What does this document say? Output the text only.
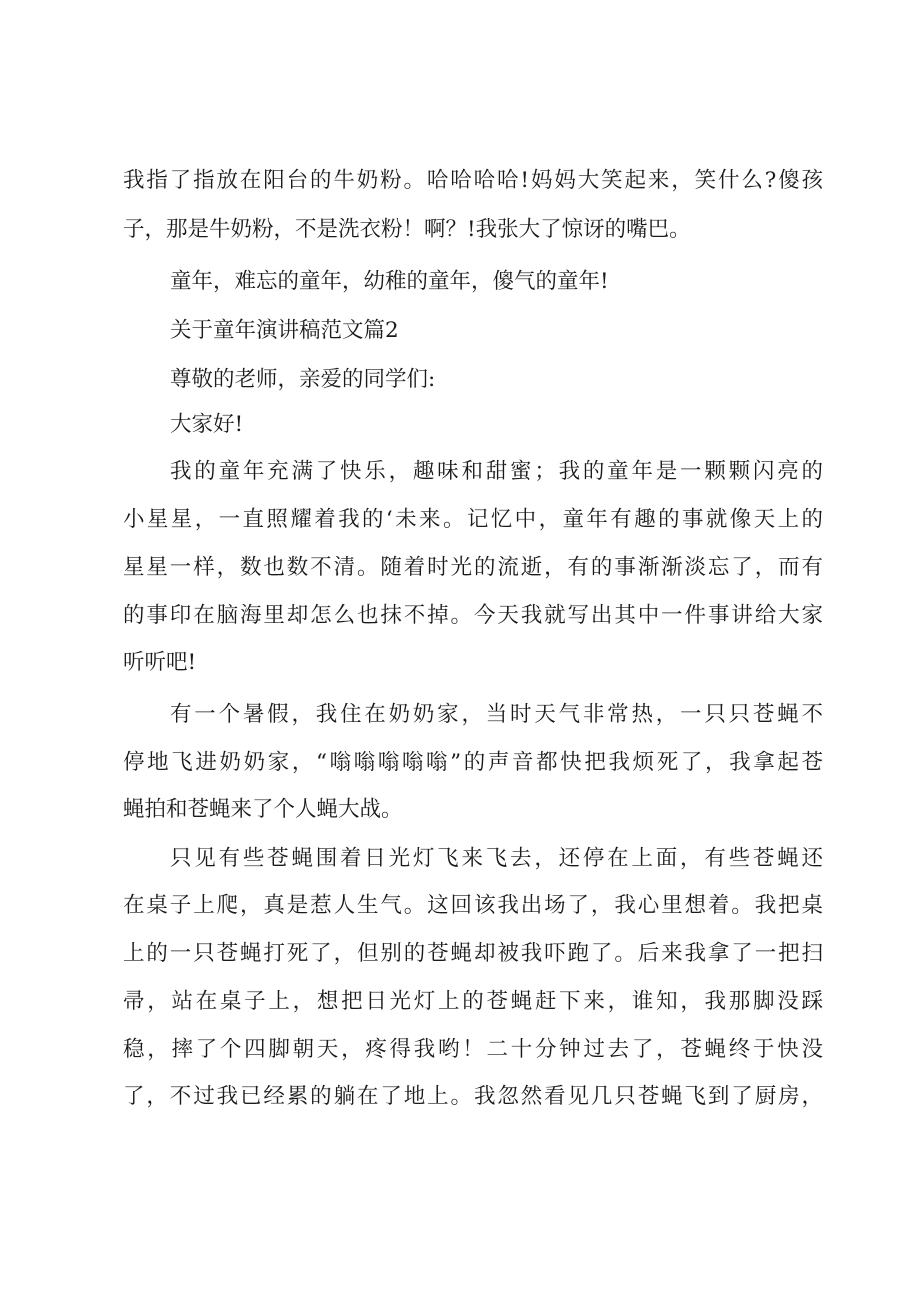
我指了指放在阳台的牛奶粉。哈哈哈哈!妈妈大笑起来，笑什么?傻孩
子，那是牛奶粉，不是洗衣粉！啊？!我张大了惊讶的嘴巴。
童年，难忘的童年，幼稚的童年，傻气的童年!
关于童年演讲稿范文篇2
尊敬的老师，亲爱的同学们:
大家好!
我的童年充满了快乐，趣味和甜蜜；我的童年是一颗颗闪亮的
小星星，一直照耀着我的‘未来。记忆中，童年有趣的事就像天上的
星星一样，数也数不清。随着时光的流逝，有的事渐渐淡忘了，而有
的事印在脑海里却怎么也抹不掉。今天我就写出其中一件事讲给大家
听听吧!
有一个暑假，我住在奶奶家，当时天气非常热，一只只苍蝇不
停地飞进奶奶家，“嗡嗡嗡嗡嗡”的声音都快把我烦死了，我拿起苍
蝇拍和苍蝇来了个人蝇大战。
只见有些苍蝇围着日光灯飞来飞去，还停在上面，有些苍蝇还
在桌子上爬，真是惹人生气。这回该我出场了，我心里想着。我把桌
上的一只苍蝇打死了，但别的苍蝇却被我吓跑了。后来我拿了一把扫
帚，站在桌子上，想把日光灯上的苍蝇赶下来，谁知，我那脚没踩
稳，摔了个四脚朝天，疼得我哟！二十分钟过去了，苍蝇终于快没
了，不过我已经累的躺在了地上。我忽然看见几只苍蝇飞到了厨房，
